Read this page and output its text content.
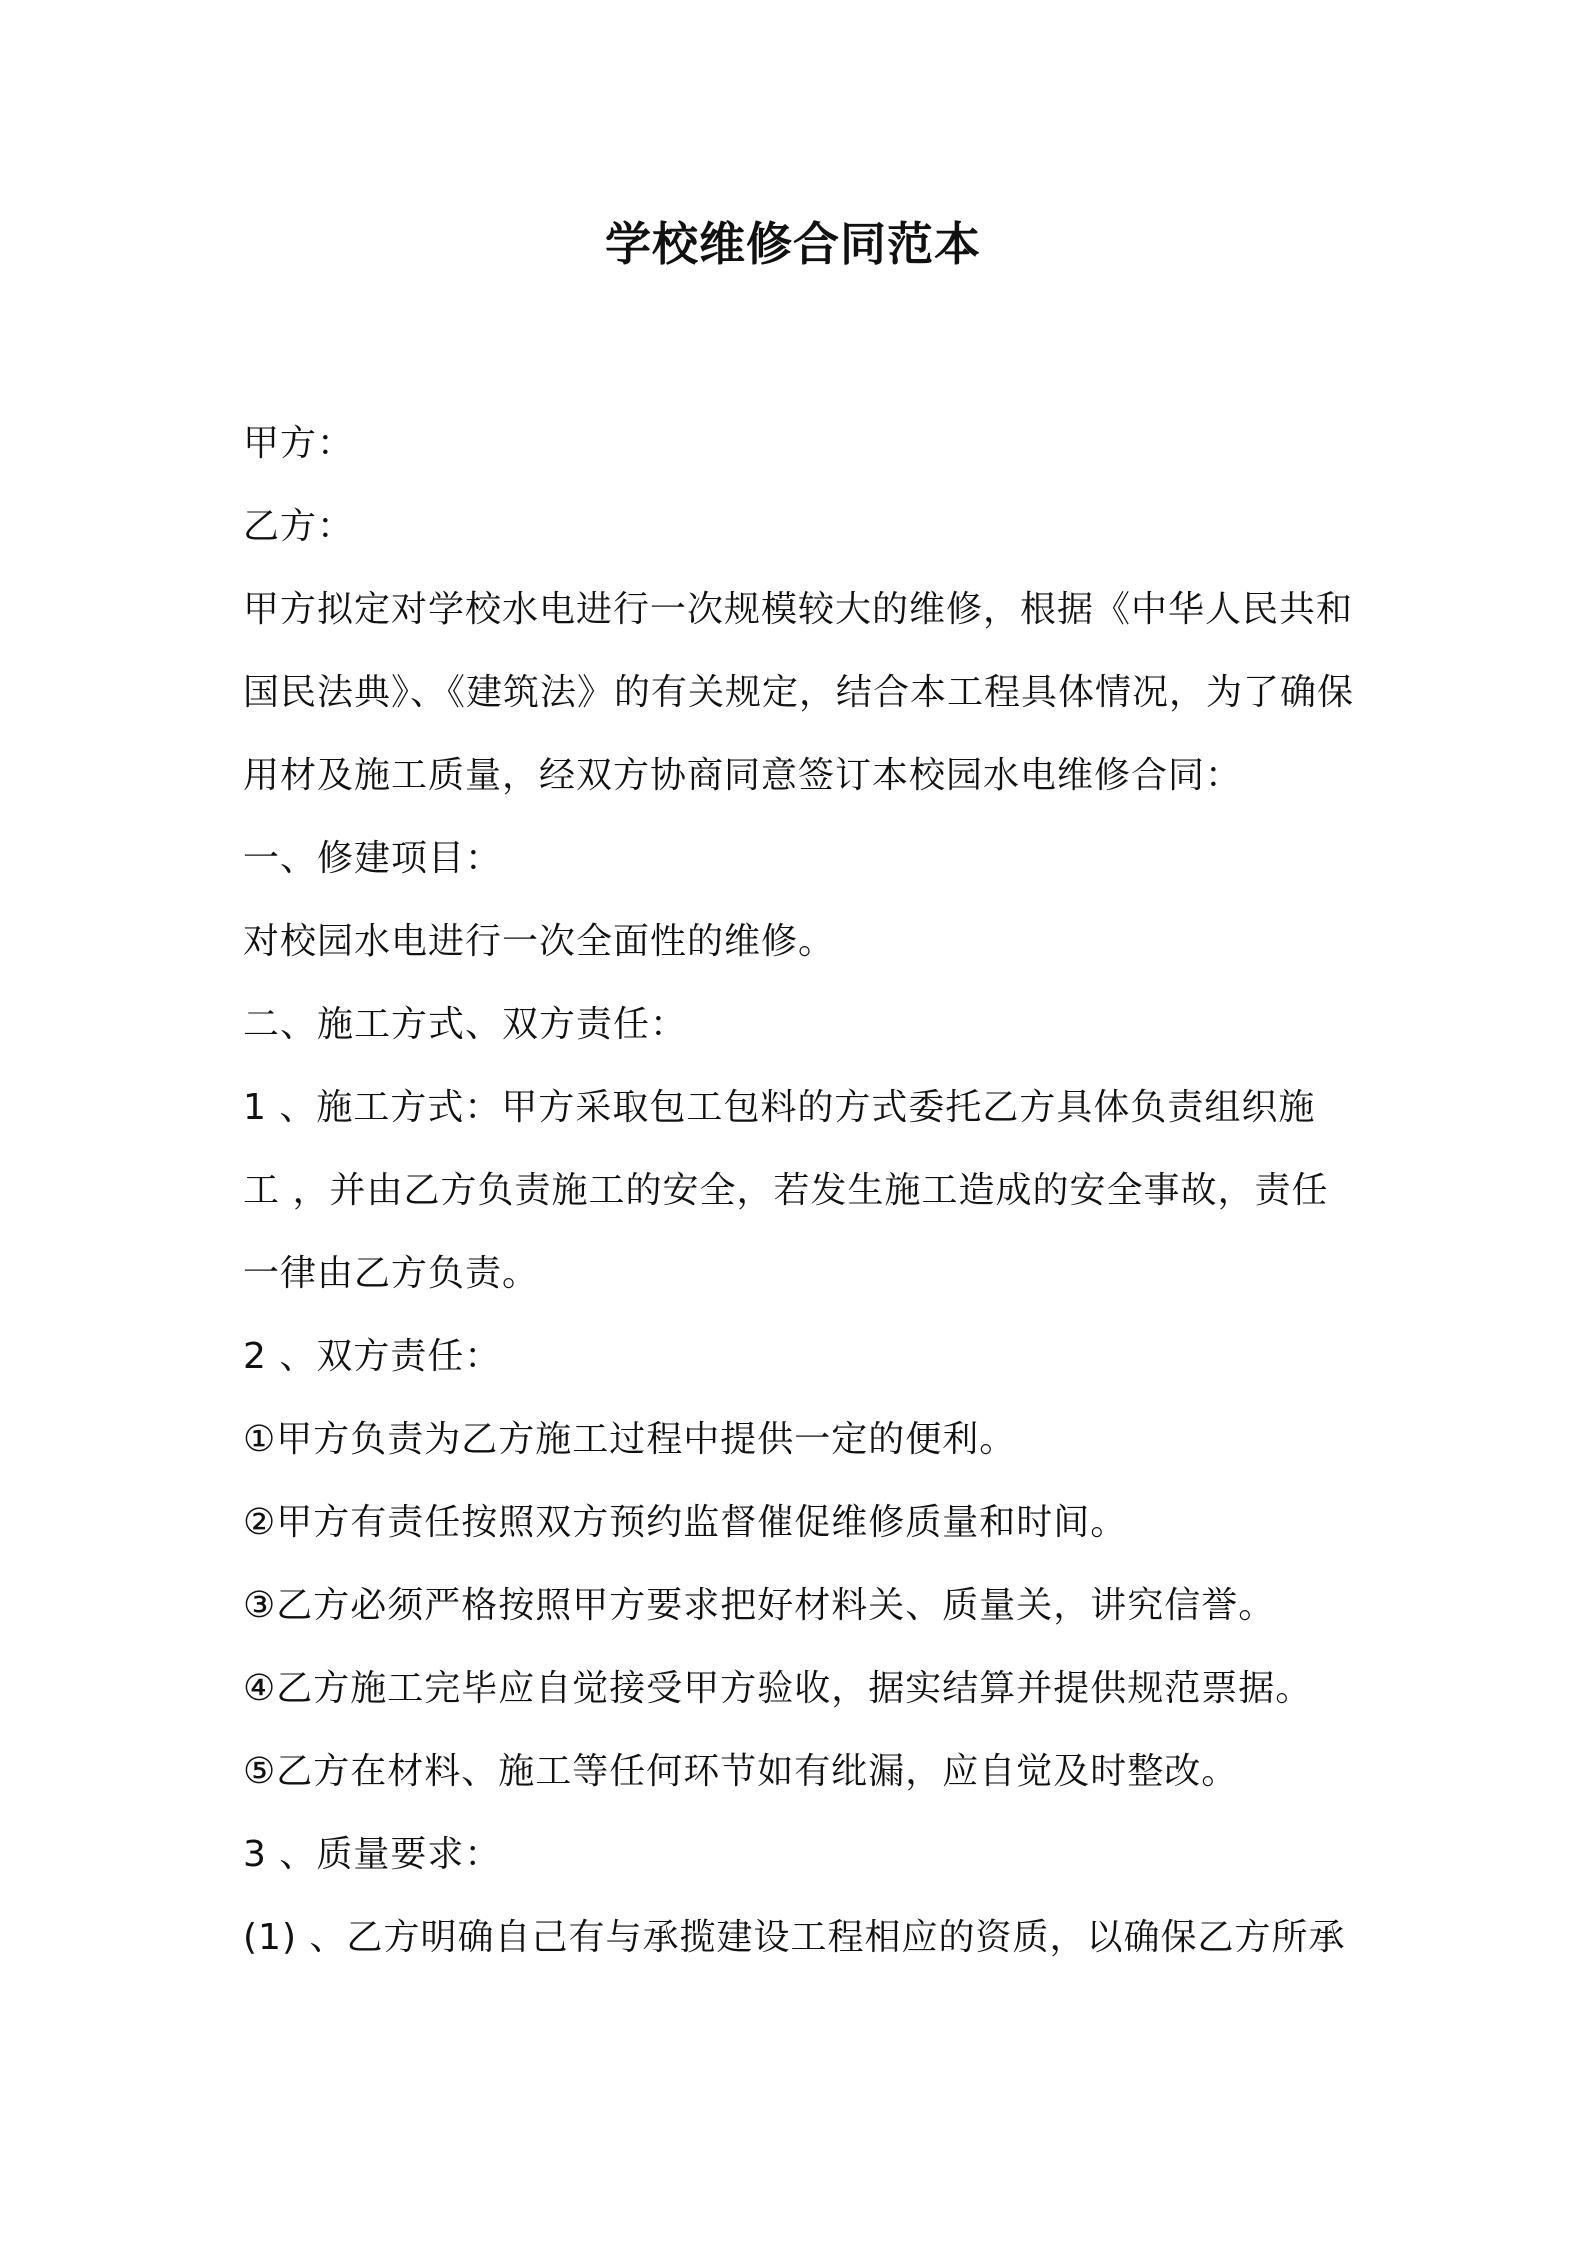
学校维修合同范本
甲方：
乙方：
甲方拟定对学校水电进行一次规模较大的维修，根据《中华人民共和
国民法典》、《建筑法》的有关规定，结合本工程具体情况，为了确保
用材及施工质量，经双方协商同意签订本校园水电维修合同：
一、修建项目：
对校园水电进行一次全面性的维修。
二、施工方式、双方责任：
1 、施工方式：甲方采取包工包料的方式委托乙方具体负责组织施
工 ，并由乙方负责施工的安全，若发生施工造成的安全事故，责任
一律由乙方负责。
2 、双方责任：
①甲方负责为乙方施工过程中提供一定的便利。
②甲方有责任按照双方预约监督催促维修质量和时间。
③乙方必须严格按照甲方要求把好材料关、质量关，讲究信誉。
④乙方施工完毕应自觉接受甲方验收，据实结算并提供规范票据。
⑤乙方在材料、施工等任何环节如有纰漏，应自觉及时整改。
3 、质量要求：
(1) 、乙方明确自己有与承揽建设工程相应的资质，以确保乙方所承
